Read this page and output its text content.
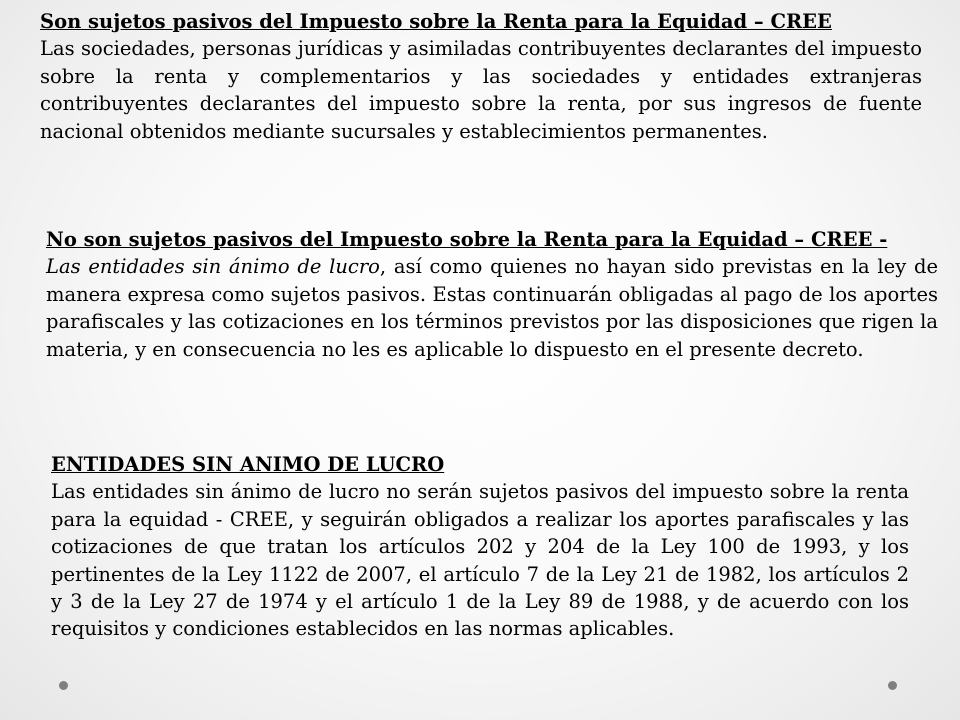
Son sujetos pasivos del Impuesto sobre la Renta para la Equidad – CREE
Las sociedades, personas jurídicas y asimiladas contribuyentes declarantes del impuesto sobre la renta y complementarios y las sociedades y entidades extranjeras contribuyentes declarantes del impuesto sobre la renta, por sus ingresos de fuente nacional obtenidos mediante sucursales y establecimientos permanentes.
No son sujetos pasivos del Impuesto sobre la Renta para la Equidad – CREE -
Las entidades sin ánimo de lucro, así como quienes no hayan sido previstas en la ley de manera expresa como sujetos pasivos. Estas continuarán obligadas al pago de los aportes parafiscales y las cotizaciones en los términos previstos por las disposiciones que rigen la materia, y en consecuencia no les es aplicable lo dispuesto en el presente decreto.
ENTIDADES SIN ANIMO DE LUCRO
Las entidades sin ánimo de lucro no serán sujetos pasivos del impuesto sobre la renta para la equidad - CREE, y seguirán obligados a realizar los aportes parafiscales y las cotizaciones de que tratan los artículos 202 y 204 de la Ley 100 de 1993, y los pertinentes de la Ley 1122 de 2007, el artículo 7 de la Ley 21 de 1982, los artículos 2 y 3 de la Ley 27 de 1974 y el artículo 1 de la Ley 89 de 1988, y de acuerdo con los requisitos y condiciones establecidos en las normas aplicables.
